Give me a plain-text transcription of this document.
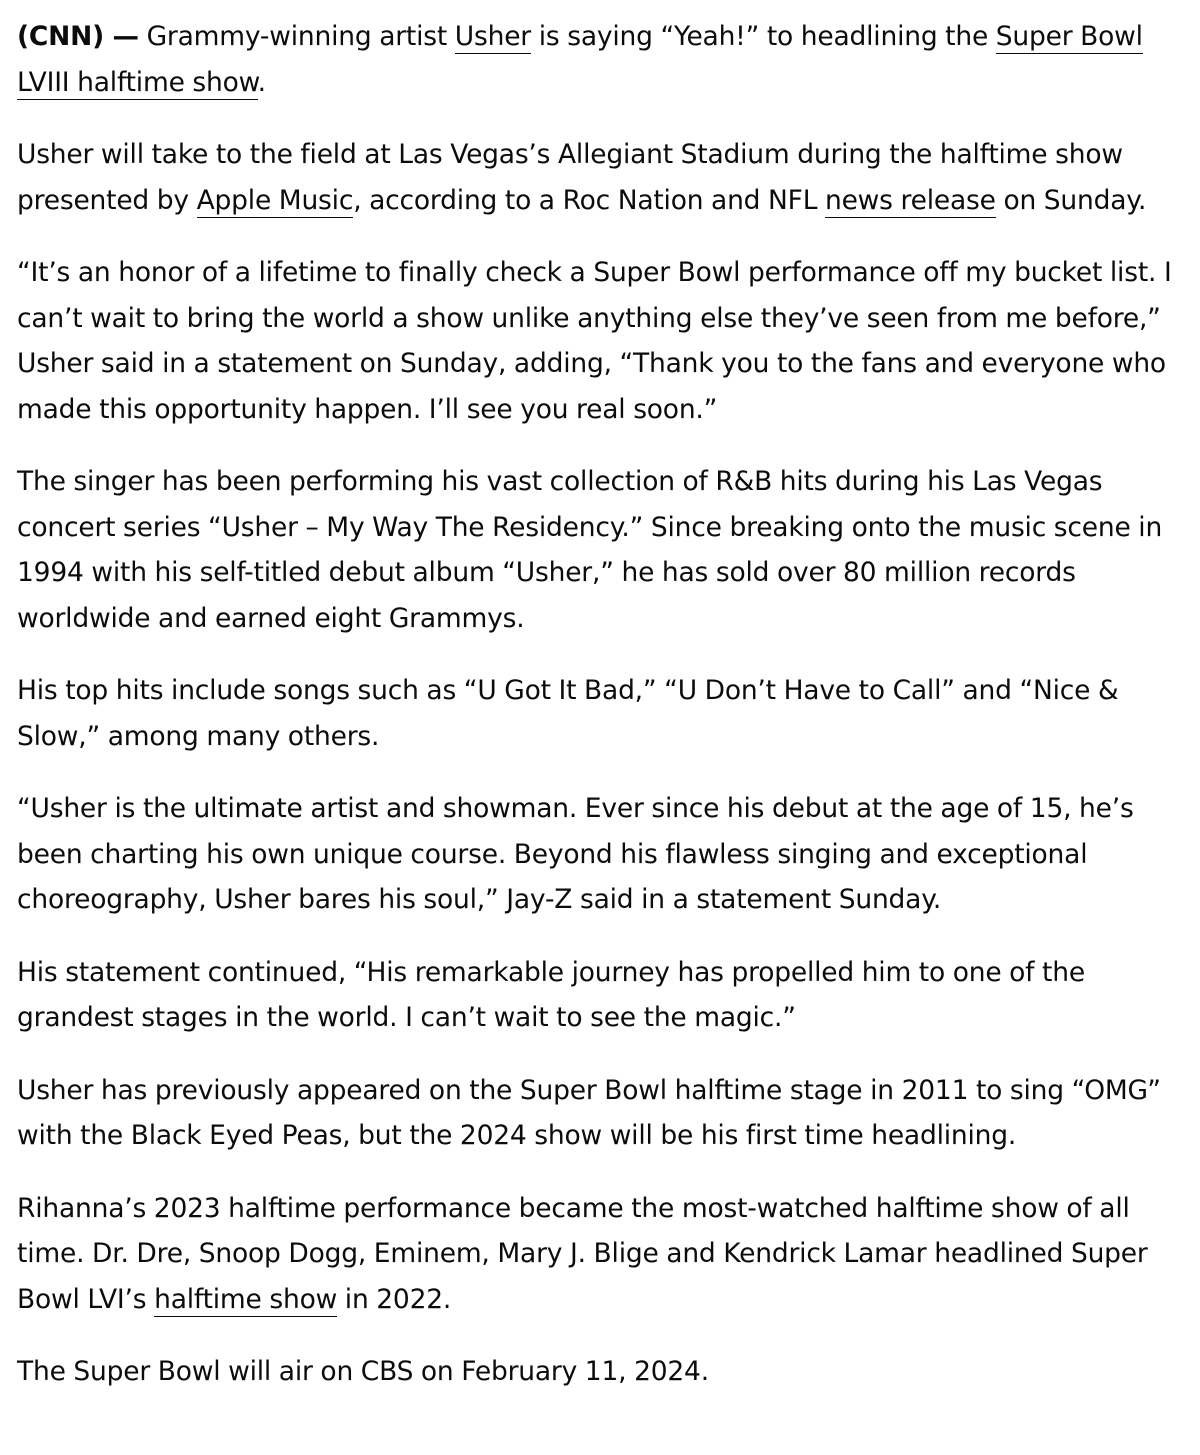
(CNN) — Grammy-winning artist Usher is saying “Yeah!” to headlining the Super Bowl LVIII halftime show.

Usher will take to the field at Las Vegas’s Allegiant Stadium during the halftime show presented by Apple Music, according to a Roc Nation and NFL news release on Sunday.

“It’s an honor of a lifetime to finally check a Super Bowl performance off my bucket list. I can’t wait to bring the world a show unlike anything else they’ve seen from me before,” Usher said in a statement on Sunday, adding, “Thank you to the fans and everyone who made this opportunity happen. I’ll see you real soon.”

The singer has been performing his vast collection of R&B hits during his Las Vegas concert series “Usher – My Way The Residency.” Since breaking onto the music scene in 1994 with his self-titled debut album “Usher,” he has sold over 80 million records worldwide and earned eight Grammys.

His top hits include songs such as “U Got It Bad,” “U Don’t Have to Call” and “Nice & Slow,” among many others.

“Usher is the ultimate artist and showman. Ever since his debut at the age of 15, he’s been charting his own unique course. Beyond his flawless singing and exceptional choreography, Usher bares his soul,” Jay-Z said in a statement Sunday.

His statement continued, “His remarkable journey has propelled him to one of the grandest stages in the world. I can’t wait to see the magic.”

Usher has previously appeared on the Super Bowl halftime stage in 2011 to sing “OMG” with the Black Eyed Peas, but the 2024 show will be his first time headlining.

Rihanna’s 2023 halftime performance became the most-watched halftime show of all time. Dr. Dre, Snoop Dogg, Eminem, Mary J. Blige and Kendrick Lamar headlined Super Bowl LVI’s halftime show in 2022.

The Super Bowl will air on CBS on February 11, 2024.
